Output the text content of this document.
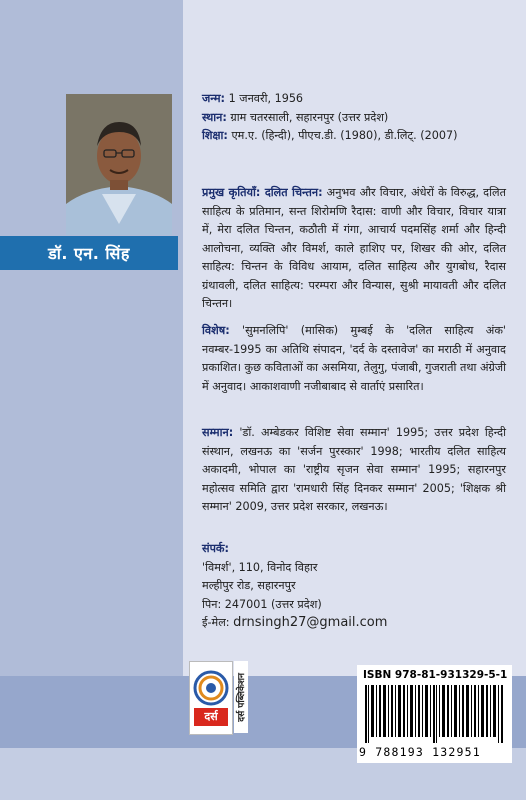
डॉ. एन. सिंह
जन्म: 1 जनवरी, 1956
स्थान: ग्राम चतरसाली, सहारनपुर (उत्तर प्रदेश)
शिक्षा: एम.ए. (हिन्दी), पीएच.डी. (1980), डी.लिट्. (2007)
प्रमुख कृतियाँ: दलित चिन्तन: अनुभव और विचार, अंधेरों के विरुद्ध, दलित साहित्य के प्रतिमान, सन्त शिरोमणि रैदास: वाणी और विचार, विचार यात्रा में, मेरा दलित चिन्तन, कठौती में गंगा, आचार्य पदमसिंह शर्मा और हिन्दी आलोचना, व्यक्ति और विमर्श, काले हाशिए पर, शिखर की ओर, दलित साहित्य: चिन्तन के विविध आयाम, दलित साहित्य और युगबोध, रैदास ग्रंथावली, दलित साहित्य: परम्परा और विन्यास, सुश्री मायावती और दलित चिन्तन।
विशेष: 'सुमनलिपि' (मासिक) मुम्बई के 'दलित साहित्य अंक' नवम्बर-1995 का अतिथि संपादन, 'दर्द के दस्तावेज' का मराठी में अनुवाद प्रकाशित। कुछ कविताओं का असमिया, तेलुगु, पंजाबी, गुजराती तथा अंग्रेजी में अनुवाद। आकाशवाणी नजीबाबाद से वार्ताएं प्रसारित।
सम्मान: 'डॉ. अम्बेडकर विशिष्ट सेवा सम्मान' 1995; उत्तर प्रदेश हिन्दी संस्थान, लखनऊ का 'सर्जन पुरस्कार' 1998; भारतीय दलित साहित्य अकादमी, भोपाल का 'राष्ट्रीय सृजन सेवा सम्मान' 1995; सहारनपुर महोत्सव समिति द्वारा 'रामधारी सिंह दिनकर सम्मान' 2005; 'शिक्षक श्री सम्मान' 2009, उत्तर प्रदेश सरकार, लखनऊ।
संपर्क:
'विमर्श', 110, विनोद विहार
मल्हीपुर रोड, सहारनपुर
पिन: 247001 (उत्तर प्रदेश)
ई-मेल: drnsingh27@gmail.com
दर्स	दर्स पब्लिकेशन	ISBN 978-81-931329-5-1
9 788193 132951
